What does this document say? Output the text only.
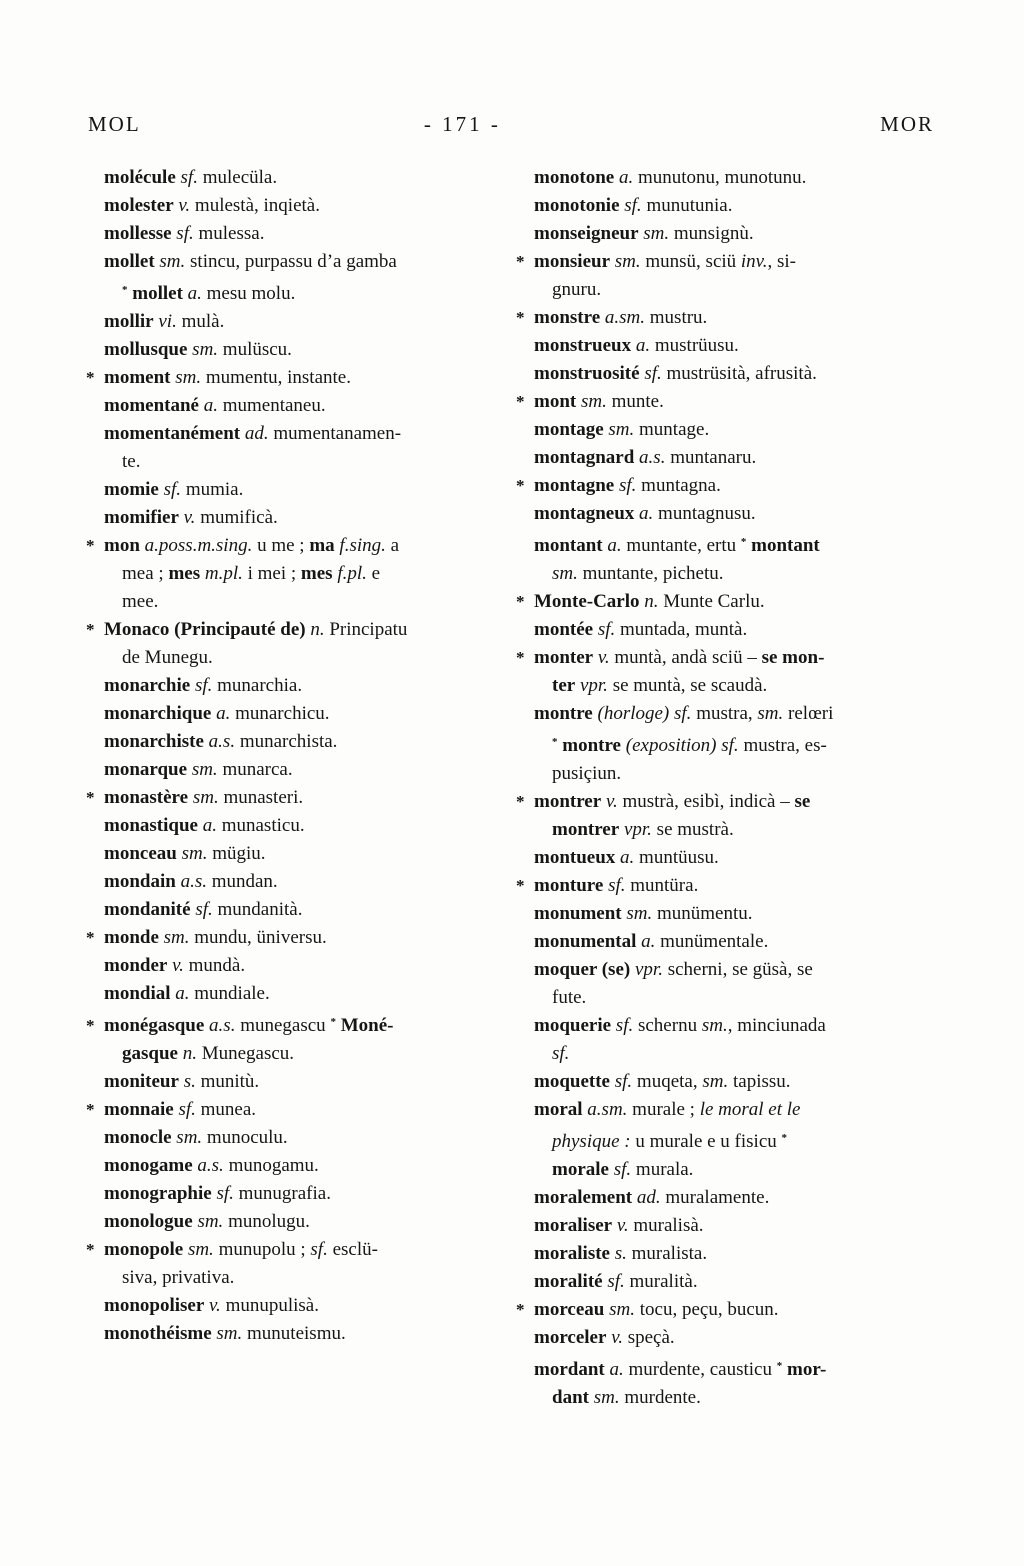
MOL	- 171 -	MOR
molécule sf. mulecüla.
molester v. mulestà, inqietà.
mollesse sf. mulessa.
mollet sm. stincu, purpassu d’a gamba
* mollet a. mesu molu.
mollir vi. mulà.
mollusque sm. mulüscu.
* moment sm. mumentu, instante.
momentané a. mumentaneu.
momentanément ad. mumentanamen-
te.
momie sf. mumia.
momifier v. mumificà.
* mon a.poss.m.sing. u me ; ma f.sing. a
mea ; mes m.pl. i mei ; mes f.pl. e
mee.
* Monaco (Principauté de) n. Principatu
de Munegu.
monarchie sf. munarchia.
monarchique a. munarchicu.
monarchiste a.s. munarchista.
monarque sm. munarca.
* monastère sm. munasteri.
monastique a. munasticu.
monceau sm. mügiu.
mondain a.s. mundan.
mondanité sf. mundanità.
* monde sm. mundu, üniversu.
monder v. mundà.
mondial a. mundiale.
* monégasque a.s. munegascu * Moné-
gasque n. Munegascu.
moniteur s. munitù.
* monnaie sf. munea.
monocle sm. munoculu.
monogame a.s. munogamu.
monographie sf. munugrafia.
monologue sm. munolugu.
* monopole sm. munupolu ; sf. esclü-
siva, privativa.
monopoliser v. munupulisà.
monothéisme sm. munuteismu.
monotone a. munutonu, munotunu.
monotonie sf. munutunia.
monseigneur sm. munsignù.
* monsieur sm. munsü, sciü inv., si-
gnuru.
* monstre a.sm. mustru.
monstrueux a. mustrüusu.
monstruosité sf. mustrüsità, afrusità.
* mont sm. munte.
montage sm. muntage.
montagnard a.s. muntanaru.
* montagne sf. muntagna.
montagneux a. muntagnusu.
montant a. muntante, ertu * montant
sm. muntante, pichetu.
* Monte-Carlo n. Munte Carlu.
montée sf. muntada, muntà.
* monter v. muntà, andà sciü – se mon-
ter vpr. se muntà, se scaudà.
montre (horloge) sf. mustra, sm. relœri
* montre (exposition) sf. mustra, es-
pusiçiun.
* montrer v. mustrà, esibì, indicà – se
montrer vpr. se mustrà.
montueux a. muntüusu.
* monture sf. muntüra.
monument sm. munümentu.
monumental a. munümentale.
moquer (se) vpr. scherni, se güsà, se
fute.
moquerie sf. schernu sm., minciunada
sf.
moquette sf. muqeta, sm. tapissu.
moral a.sm. murale ; le moral et le
physique : u murale e u fisicu *
morale sf. murala.
moralement ad. muralamente.
moraliser v. muralisà.
moraliste s. muralista.
moralité sf. muralità.
* morceau sm. tocu, peçu, bucun.
morceler v. speçà.
mordant a. murdente, causticu * mor-
dant sm. murdente.
